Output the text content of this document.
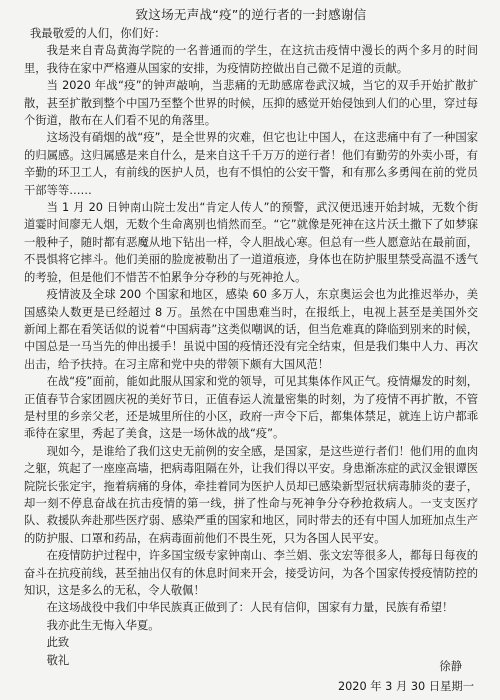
致这场无声战“疫”的逆行者的一封感谢信

我最敬爱的人们，你们好：

我是来自青岛黄海学院的一名普通而的学生，在这抗击疫情中漫长的两个多月的时间里，我待在家中严格遵从国家的安排，为疫情防控做出自己微不足道的贡献。

当 2020 年战“疫”的钟声敲响，当悲痛的无助感席卷武汉城，当它的双手开始扩散扩散，甚至扩散到整个中国乃至整个世界的时候，压抑的感觉开始侵蚀到人们的心里，穿过每个街道，散布在人们看不见的角落里。

这场没有硝烟的战“疫”，是全世界的灾难，但它也让中国人，在这悲痛中有了一种国家的归属感。这归属感是来自什么，是来自这千千万万的逆行者！他们有勤劳的外卖小哥，有辛勤的环卫工人，有前线的医护人员，也有不惧怕的公安干警，和有那么多勇闯在前的党员干部等等……

当 1 月 20 日钟南山院士发出“肯定人传人”的预警，武汉便迅速开始封城，无数个街道霎时间廖无人烟，无数个生命离别也悄然而至。“它”就像是死神在这片沃土撒下了如梦寐一般种子，随时都有恶魔从地下钻出一样，令人胆战心寒。但总有一些人愿意站在最前面，不畏惧将它摔斗。他们美丽的脸庞被勒出了一道道痕迹，身体也在防护服里禁受高温不透气的考验，但是他们不惜苦不怕累争分夺秒的与死神抢人。

疫情波及全球 200 个国家和地区，感染 60 多万人，东京奥运会也为此推迟举办，美国感染人数更是已经超过 8 万。虽然在中国患难当时，在报纸上，电视上甚至是美国外交新闻上都在看笑话似的说着“中国病毒”这类似嘲讽的话，但当危难真的降临到别来的时候，中国总是一马当先的伸出援手！虽说中国的疫情还没有完全结束，但是我们集中人力、再次出击，给予扶持。在习主席和党中央的带领下颇有大国风范！

在战“疫”面前，能如此服从国家和党的领导，可见其集体作风正气。疫情爆发的时刻，正值春节合家团圆庆祝的美好节日，正值春运人流量密集的时刻，为了疫情不再扩散，不管是村里的乡亲父老，还是城里所住的小区，政府一声令下后，都集体禁足，就连上访户都乖乖待在家里，秀起了美食，这是一场休战的战“疫”。

现如今，是谁给了我们这史无前例的安全感，是国家，是这些逆行者们！他们用的血肉之躯，筑起了一座座高墙，把病毒阻隔在外，让我们得以平安。身患渐冻症的武汉金银谭医院院长张定宇，拖着病痛的身体，牵挂着同为医护人员却已感染新型冠状病毒肺炎的妻子，却一刻不停息奋战在抗击疫情的第一线，拼了性命与死神争分夺秒抢救病人。一支支医疗队、救援队奔赴那些医疗弱、感染严重的国家和地区，同时带去的还有中国人加班加点生产的防护服、口罩和药品，在病毒面前他们不畏生死，只为各国人民平安。

在疫情防护过程中，许多国宝级专家钟南山、李兰娟、张文宏等很多人，都每日每夜的奋斗在抗疫前线，甚至抽出仅有的休息时间来开会，接受访问，为各个国家传授疫情防控的知识，这是多么的无私，令人敬佩！

在这场战役中我们中华民族真正做到了：人民有信仰，国家有力量，民族有希望！

我亦此生无悔入华夏。

此致

敬礼	徐静
2020 年 3 月 30 日星期一
